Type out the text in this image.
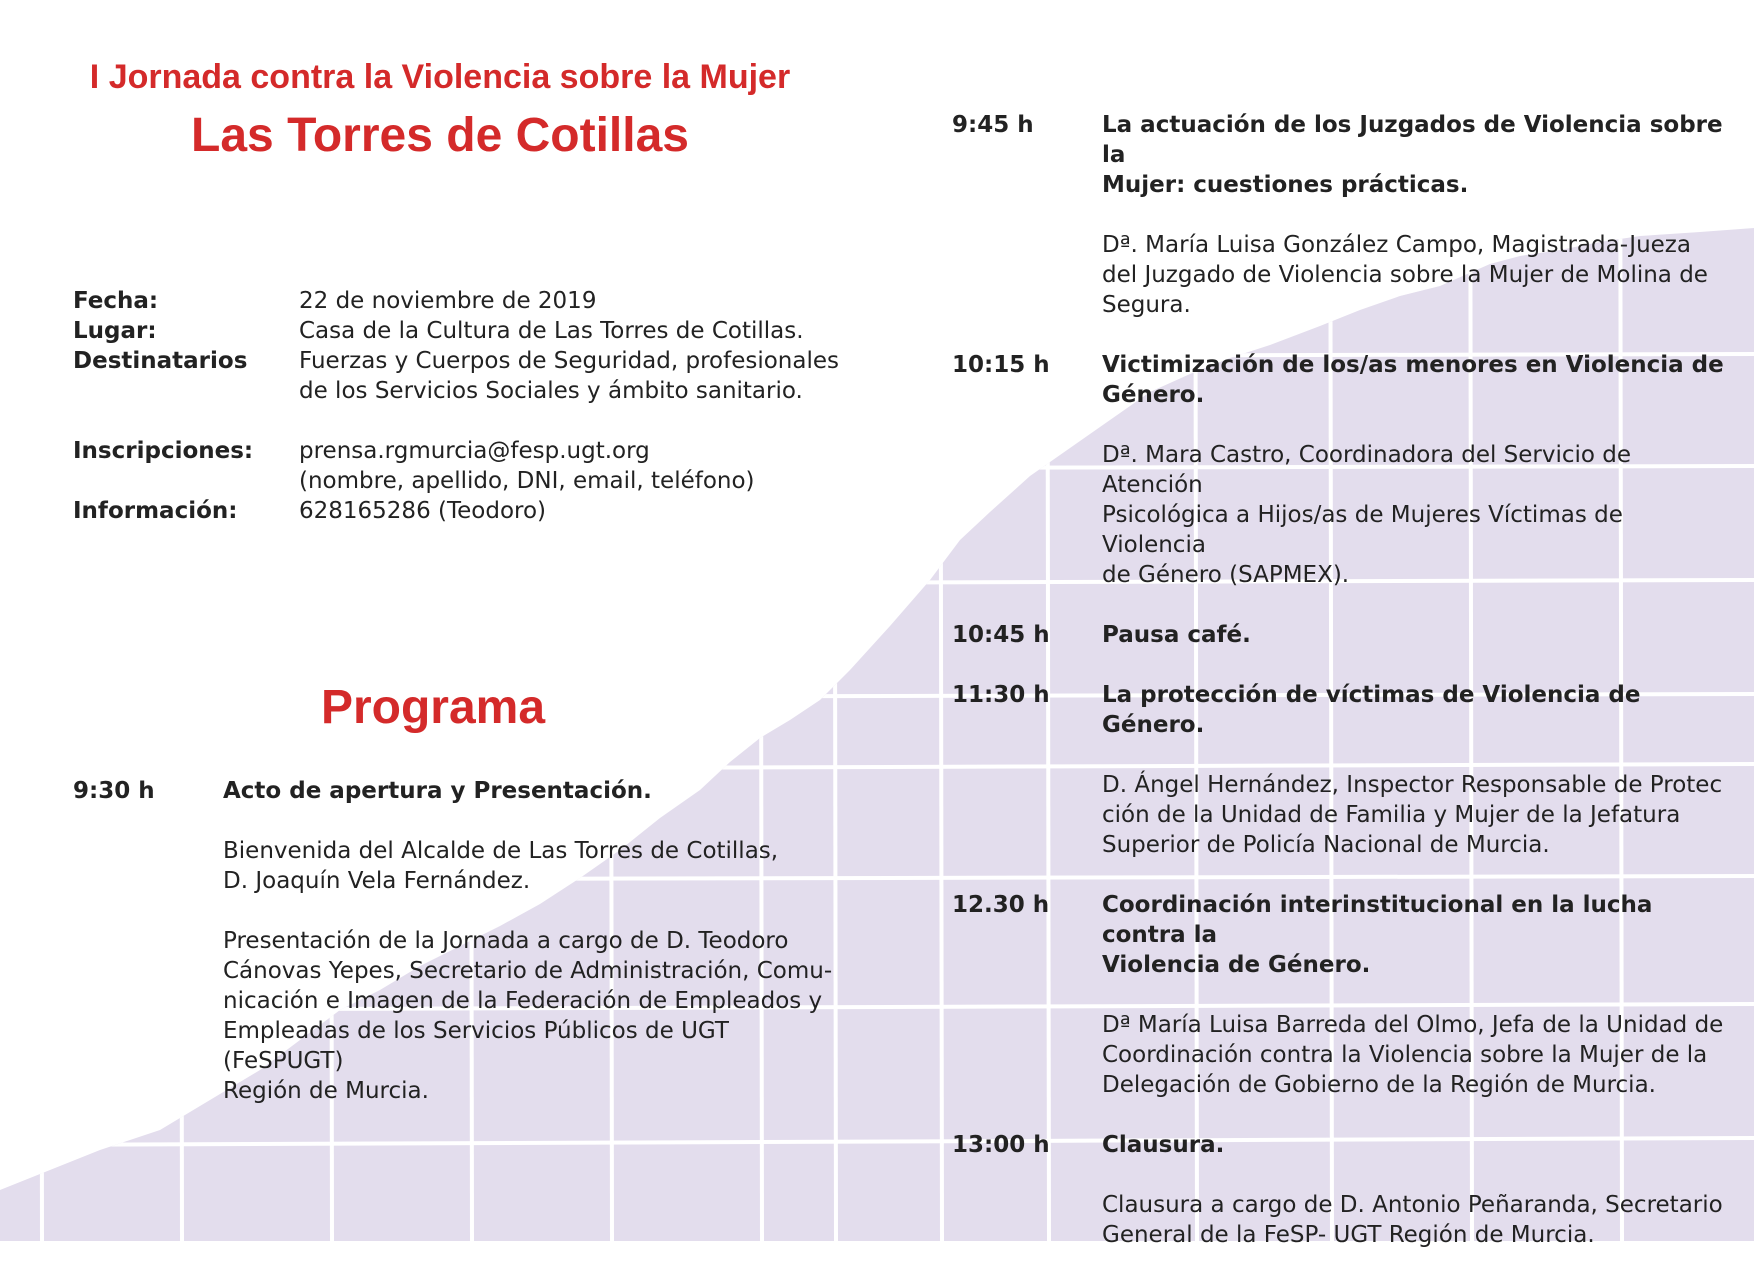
I Jornada contra la Violencia sobre la Mujer
Las Torres de Cotillas
Fecha:	22 de noviembre de 2019
Lugar:	Casa de la Cultura de Las Torres de Cotillas.
Destinatarios	Fuerzas y Cuerpos de Seguridad, profesionales
de los Servicios Sociales y ámbito sanitario.
Inscripciones:	prensa.rgmurcia@fesp.ugt.org
(nombre, apellido, DNI, email, teléfono)
Información:	628165286 (Teodoro)
Programa
9:30 h	Acto de apertura y Presentación.
Bienvenida del Alcalde de Las Torres de Cotillas,
D. Joaquín Vela Fernández.
Presentación de la Jornada a cargo de D. Teodoro
Cánovas Yepes, Secretario de Administración, Comu-
nicación e Imagen de la Federación de Empleados y
Empleadas de los Servicios Públicos de UGT (FeSPUGT)
Región de Murcia.
9:45 h	La actuación de los Juzgados de Violencia sobre la
Mujer: cuestiones prácticas.
Dª. María Luisa González Campo, Magistrada-Jueza
del Juzgado de Violencia sobre la Mujer de Molina de
Segura.
10:15 h	Victimización de los/as menores en Violencia de
Género.
Dª. Mara Castro, Coordinadora del Servicio de Atención
Psicológica a Hijos/as de Mujeres Víctimas de Violencia
de Género (SAPMEX).
10:45 h	Pausa café.
11:30 h	La protección de víctimas de Violencia de Género.
D. Ángel Hernández, Inspector Responsable de Protec
ción de la Unidad de Familia y Mujer de la Jefatura
Superior de Policía Nacional de Murcia.
12.30 h	Coordinación interinstitucional en la lucha contra la
Violencia de Género.
Dª María Luisa Barreda del Olmo, Jefa de la Unidad de
Coordinación contra la Violencia sobre la Mujer de la
Delegación de Gobierno de la Región de Murcia.
13:00 h	Clausura.
Clausura a cargo de D. Antonio Peñaranda, Secretario
General de la FeSP- UGT Región de Murcia.
